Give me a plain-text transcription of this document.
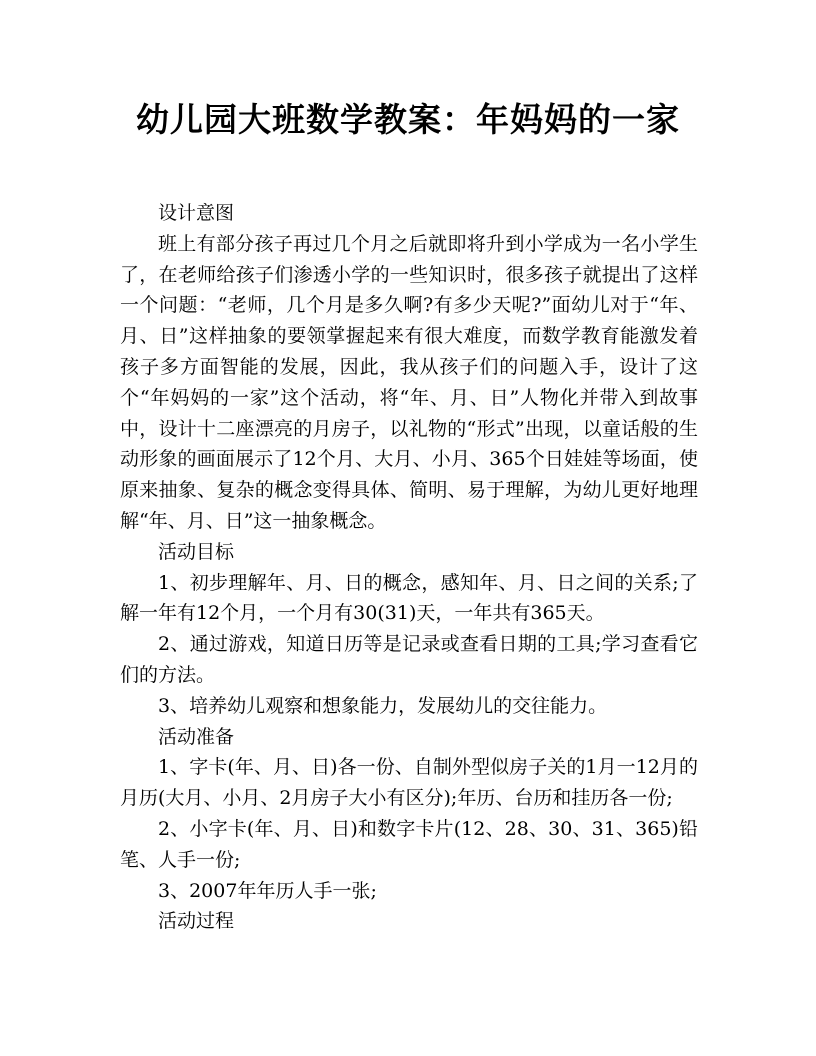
幼儿园大班数学教案：年妈妈的一家

设计意图

班上有部分孩子再过几个月之后就即将升到小学成为一名小学生了，在老师给孩子们渗透小学的一些知识时，很多孩子就提出了这样一个问题：“老师，几个月是多久啊?有多少天呢?”面幼儿对于“年、月、日”这样抽象的要领掌握起来有很大难度，而数学教育能激发着孩子多方面智能的发展，因此，我从孩子们的问题入手，设计了这个“年妈妈的一家”这个活动，将“年、月、日”人物化并带入到故事中，设计十二座漂亮的月房子，以礼物的“形式”出现，以童话般的生动形象的画面展示了12个月、大月、小月、365个日娃娃等场面，使原来抽象、复杂的概念变得具体、简明、易于理解，为幼儿更好地理解“年、月、日”这一抽象概念。

活动目标

1、初步理解年、月、日的概念，感知年、月、日之间的关系;了解一年有12个月，一个月有30(31)天，一年共有365天。

2、通过游戏，知道日历等是记录或查看日期的工具;学习查看它们的方法。

3、培养幼儿观察和想象能力，发展幼儿的交往能力。

活动准备

1、字卡(年、月、日)各一份、自制外型似房子关的1月一12月的月历(大月、小月、2月房子大小有区分);年历、台历和挂历各一份;

2、小字卡(年、月、日)和数字卡片(12、28、30、31、365)铅笔、人手一份;

3、2007年年历人手一张;

活动过程
